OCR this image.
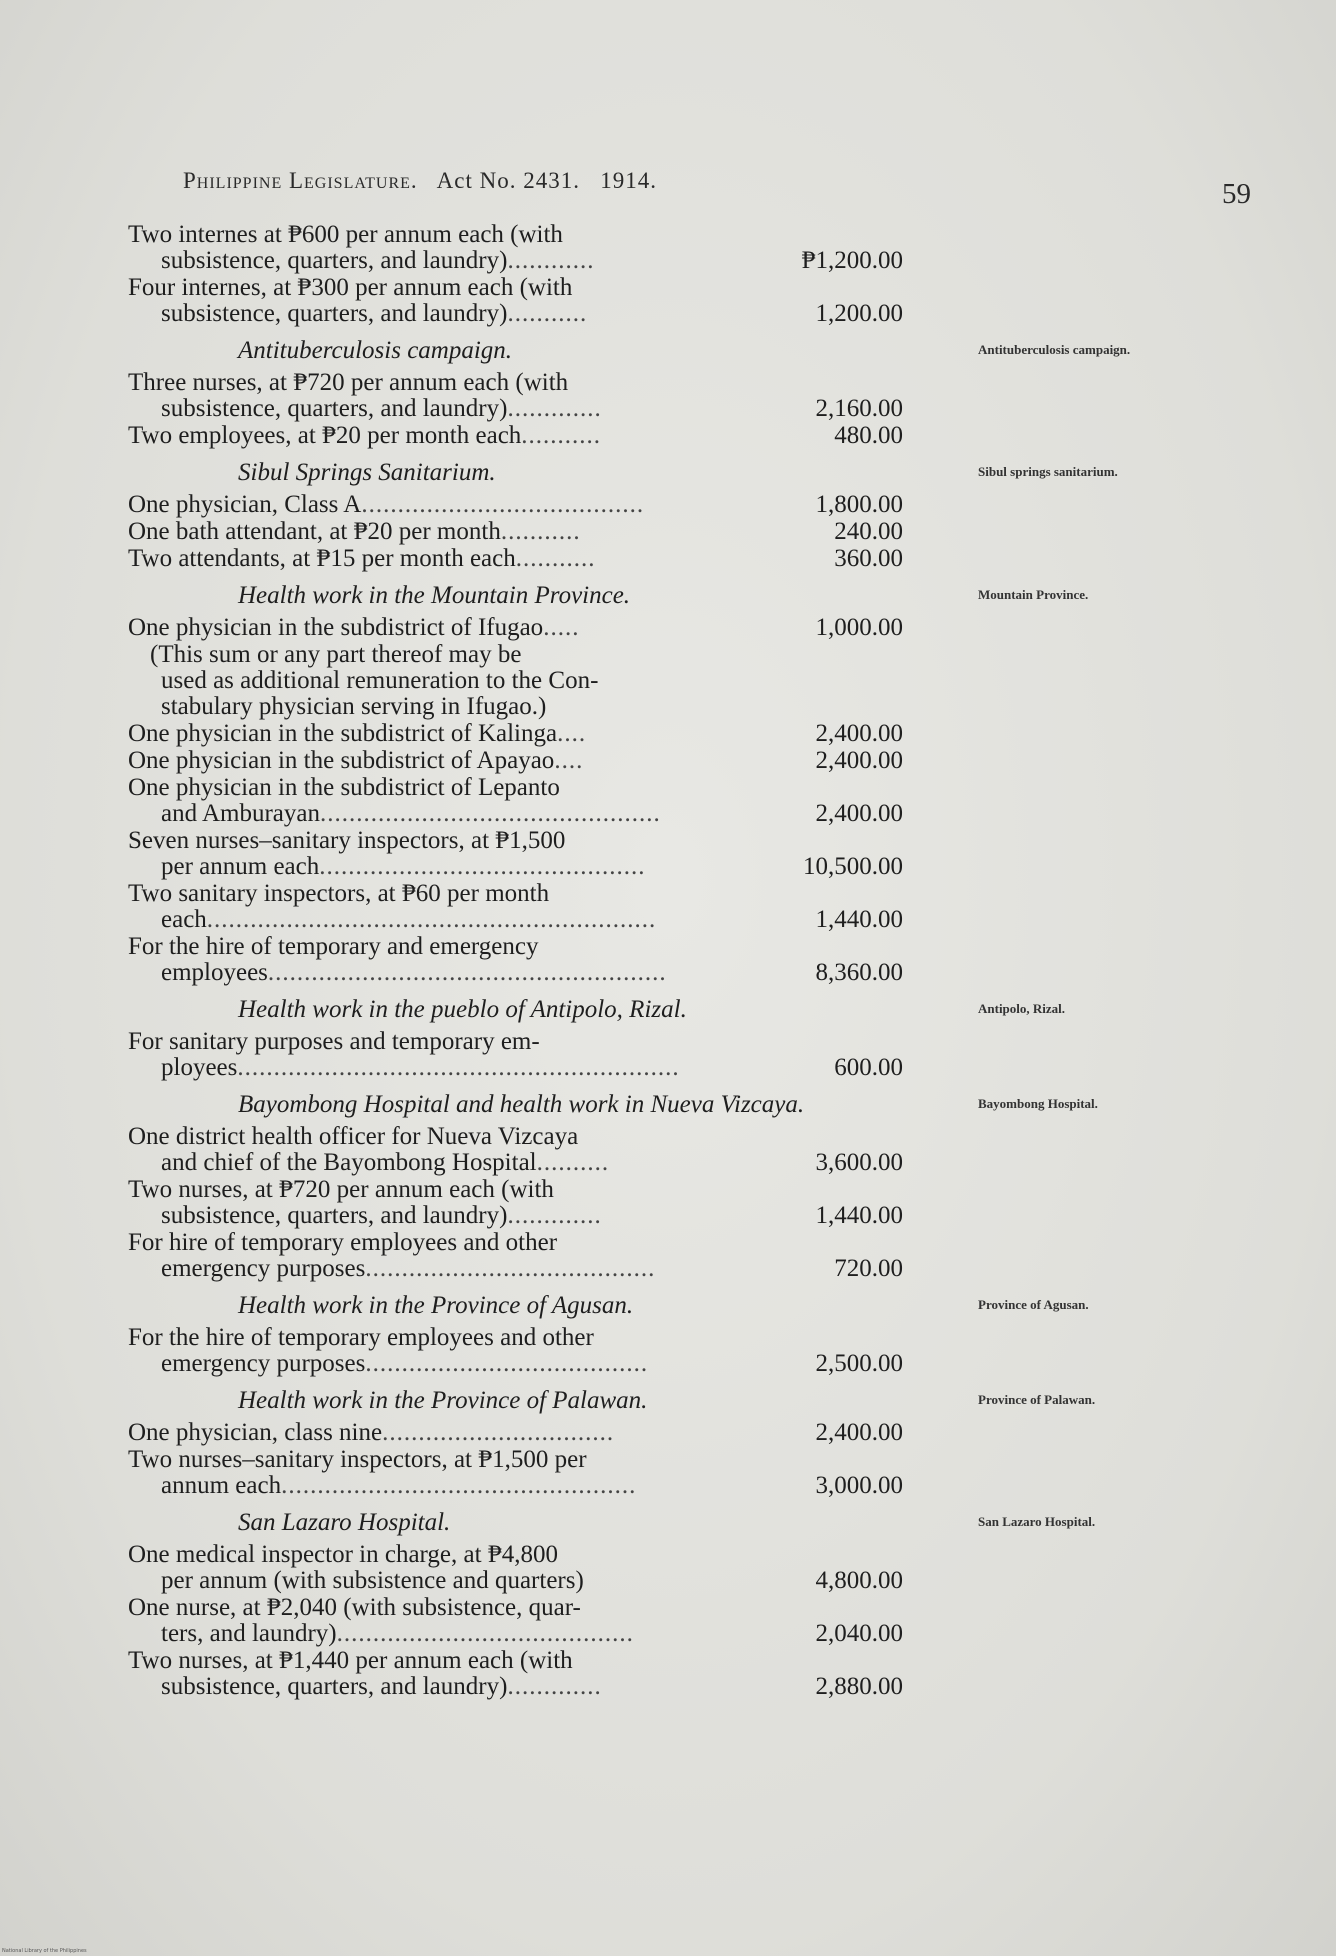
Philippine Legislature. Act No. 2431. 1914.	59
Two internes at ₱600 per annum each (with
subsistence, quarters, and laundry)............	₱1,200.00
Four internes, at ₱300 per annum each (with
subsistence, quarters, and laundry)...........	1,200.00
Antituberculosis campaign.	Antituberculosis campaign.
Three nurses, at ₱720 per annum each (with
subsistence, quarters, and laundry).............	2,160.00
Two employees, at ₱20 per month each...........	480.00
Sibul Springs Sanitarium.	Sibul springs sanitarium.
One physician, Class A.......................................	1,800.00
One bath attendant, at ₱20 per month...........	240.00
Two attendants, at ₱15 per month each...........	360.00
Health work in the Mountain Province.	Mountain Province.
One physician in the subdistrict of Ifugao.....	1,000.00
(This sum or any part thereof may be
used as additional remuneration to the Con-
stabulary physician serving in Ifugao.)
One physician in the subdistrict of Kalinga....	2,400.00
One physician in the subdistrict of Apayao....	2,400.00
One physician in the subdistrict of Lepanto
and Amburayan...............................................	2,400.00
Seven nurses–sanitary inspectors, at ₱1,500
per annum each.............................................	10,500.00
Two sanitary inspectors, at ₱60 per month
each..............................................................	1,440.00
For the hire of temporary and emergency
employees.......................................................	8,360.00
Health work in the pueblo of Antipolo, Rizal.	Antipolo, Rizal.
For sanitary purposes and temporary em-
ployees.............................................................	600.00
Bayombong Hospital and health work in Nueva Vizcaya.	Bayombong Hospital.
One district health officer for Nueva Vizcaya
and chief of the Bayombong Hospital..........	3,600.00
Two nurses, at ₱720 per annum each (with
subsistence, quarters, and laundry).............	1,440.00
For hire of temporary employees and other
emergency purposes........................................	720.00
Health work in the Province of Agusan.	Province of Agusan.
For the hire of temporary employees and other
emergency purposes.......................................	2,500.00
Health work in the Province of Palawan.	Province of Palawan.
One physician, class nine................................	2,400.00
Two nurses–sanitary inspectors, at ₱1,500 per
annum each.................................................	3,000.00
San Lazaro Hospital.	San Lazaro Hospital.
One medical inspector in charge, at ₱4,800
per annum (with subsistence and quarters)	4,800.00
One nurse, at ₱2,040 (with subsistence, quar-
ters, and laundry).........................................	2,040.00
Two nurses, at ₱1,440 per annum each (with
subsistence, quarters, and laundry).............	2,880.00
National Library of the Philippines
